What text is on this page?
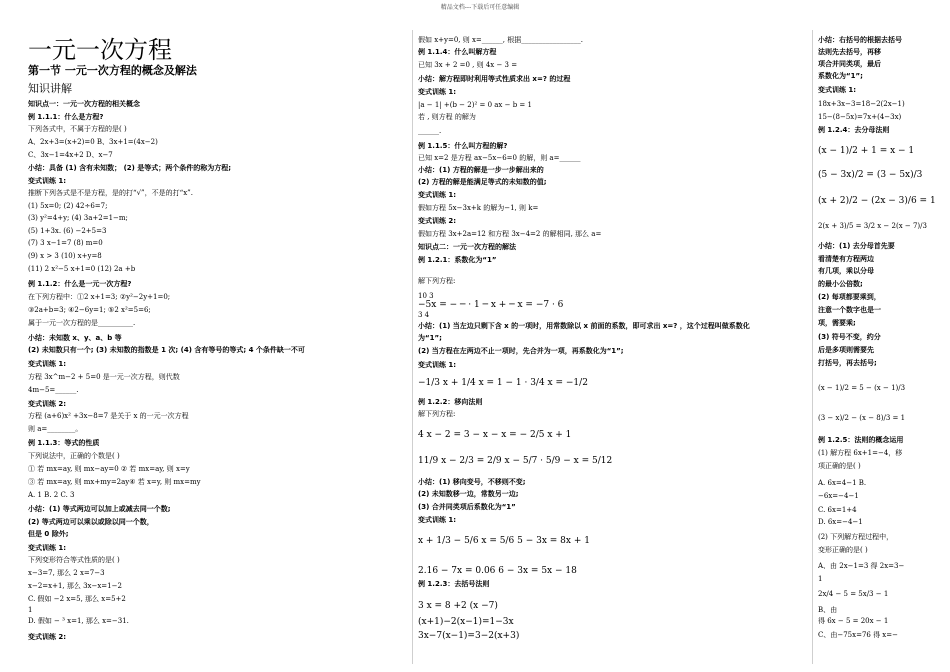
精品文档---下载后可任意编辑
一元一次方程
第一节 一元一次方程的概念及解法
知识讲解
知识点一：一元一次方程的相关概念
例 1.1.1：什么是方程?
下列各式中，不属于方程的是( )
A、2x+3=(x+2)=0 B、3x+1=(4x−2)
C、3x−1=4x+2 D、x−7
小结：具备 (1) 含有未知数； (2) 是等式；两个条件的称为方程;
变式训练 1:
推断下列各式是不是方程，是的打“√”，不是的打“x”.
(1) 5x=0; (2) 42÷6=7;
(3) y²=4+y; (4) 3a+2=1−m;
(5) 1+3x. (6) −2+5=3
(7) 3 x−1=7 (8) m=0
(9) x > 3 (10) x+y=8
(11) 2 x²−5 x+1=0 (12) 2a +b
例 1.1.2：什么是一元一次方程?
在下列方程中：①2 x+1=3; ②y²−2y+1=0;
③2a+b=3; ④2−6y=1; ⑤2 x²=5=6;
属于一元一次方程的是__________.
小结：未知数 x、y、a、b 等
(2) 未知数只有一个; (3) 未知数的指数是 1 次; (4) 含有等号的等式; 4 个条件缺一不可
变式训练 1:
方程 3x^m−2 + 5=0 是一元一次方程，则代数
4m−5=______.
变式训练 2:
方程 (a+6)x² +3x−8=7 是关于 x 的一元一次方程
则 a=________。
例 1.1.3：等式的性质
下列说法中，正确的个数是( )
① 若 mx=ay, 则 mx−ay=0 ② 若 mx=ay, 则 x=y
③ 若 mx=ay, 则 mx+my=2ay④ 若 x=y, 则 mx=my
A. 1 B. 2 C. 3
小结：(1) 等式两边可以加上或减去同一个数;
(2) 等式两边可以乘以或除以同一个数，
但是 0 除外;
变式训练 1:
下列变形符合等式性质的是( )
x−3=7, 那么 2 x=7−3
x−2=x+1, 那么 3x−x=1−2
C. 假如 −2 x=5, 那么 x=5+2
1
D. 假如 − ³ x=1, 那么 x=−31.
变式训练 2:
假如 x+y=0, 则 x=______, 根据_________________.
例 1.1.4：什么叫解方程
已知 3x + 2 =0 , 则 4x − 3 =
小结：解方程即时利用等式性质求出 x=? 的过程
变式训练 1:
|a − 1| +(b − 2)² = 0 ax − b = 1
若 , 则方程 的解为
______.
例 1.1.5：什么叫方程的解?
已知 x=2 是方程 ax−5x−6=0 的解，则 a=______
小结：(1) 方程的解是一步一步解出来的
(2) 方程的解是能满足等式的未知数的值;
变式训练 1:
假如方程 5x−3x+k 的解为−1, 则 k=
变式训练 2:
假如方程 3x+2a=12 和方程 3x−4=2 的解相同, 那么 a=
知识点二：一元一次方程的解法
例 1.2.1：系数化为“1”
解下列方程:
10 3
−5x = − ─ · 1 ─ x + ─ x = −7 · 6
3 4
小结：(1) 当左边只剩下含 x 的一项时，用常数除以 x 前面的系数，即可求出 x=? ，这个过程叫做系数化
为“1”;
(2) 当方程在左两边不止一项时，先合并为一项，再系数化为“1”;
变式训练 1:
−1/3 x + 1/4 x = 1 − 1 · 3/4 x = −1/2
例 1.2.2：移向法则
解下列方程:
4 x − 2 = 3 − x − x = − 2/5 x + 1
11/9 x − 2/3 = 2/9 x − 5/7 · 5/9 − x = 5/12
小结：(1) 移向变号，不移则不变;
(2) 未知数移一边，常数另一边;
(3) 合并同类项后系数化为“1”
变式训练 1:
x + 1/3 − 5/6 x = 5/6 5 − 3x = 8x + 1
2.16 − 7x = 0.06 6 − 3x = 5x − 18
例 1.2.3：去括号法则
3 x = 8 +2 (x −7)
(x+1)−2(x−1)=1−3x
3x−7(x−1)=3−2(x+3)
小结：右括号的根据去括号
法则先去括号，再移
项合并同类项，最后
系数化为“1”;
变式训练 1:
18x+3x−3=18−2(2x−1)
15−(8−5x)=7x+(4−3x)
例 1.2.4：去分母法则
(x − 1)/2 + 1 = x − 1
(5 − 3x)/2 = (3 − 5x)/3
(x + 2)/2 − (2x − 3)/6 = 1
2(x + 3)/5 = 3/2 x − 2(x − 7)/3
小结：(1) 去分母首先要
看清楚有方程两边
有几项，乘以分母
的最小公倍数;
(2) 每项都要乘到，
注意一个数字也是一
项，需要乘;
(3) 符号不变，约分
后是多项则需要先
打括号，再去括号;
(x − 1)/2 = 5 − (x − 1)/3
(3 − x)/2 − (x − 8)/3 = 1
例 1.2.5：法则的概念运用
(1) 解方程 6x+1=−4，移
项正确的是( )
A. 6x=4−1 B.
−6x=−4−1
C. 6x=1+4
D. 6x=−4−1
(2) 下列解方程过程中，
变形正确的是( )
A、由 2x−1=3 得 2x=3−
1
2x/4 − 5 = 5x/3 − 1
B、由
得 6x − 5 = 20x − 1
C、由−75x=76 得 x=−
